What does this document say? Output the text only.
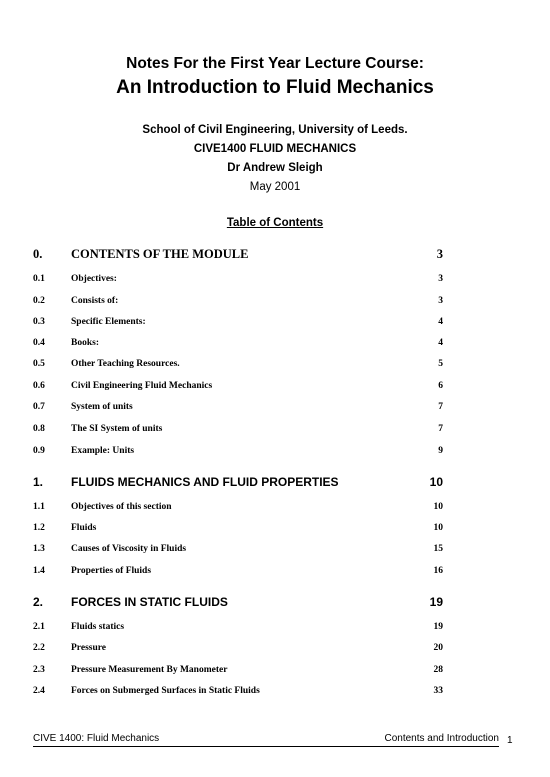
Notes For the First Year Lecture Course:
An Introduction to Fluid Mechanics
School of Civil Engineering, University of Leeds.
CIVE1400 FLUID MECHANICS
Dr Andrew Sleigh
May 2001
Table of Contents
0. CONTENTS OF THE MODULE	3
0.1	Objectives:	3
0.2	Consists of:	3
0.3	Specific Elements:	4
0.4	Books:	4
0.5	Other Teaching Resources.	5
0.6	Civil Engineering Fluid Mechanics	6
0.7	System of units	7
0.8	The SI System of units	7
0.9	Example: Units	9
1. FLUIDS MECHANICS AND FLUID PROPERTIES	10
1.1	Objectives of this section	10
1.2	Fluids	10
1.3	Causes of Viscosity in Fluids	15
1.4	Properties of Fluids	16
2. FORCES IN STATIC FLUIDS	19
2.1	Fluids statics	19
2.2	Pressure	20
2.3	Pressure Measurement By Manometer	28
2.4	Forces on Submerged Surfaces in Static Fluids	33
CIVE 1400: Fluid Mechanics	Contents and Introduction 1
